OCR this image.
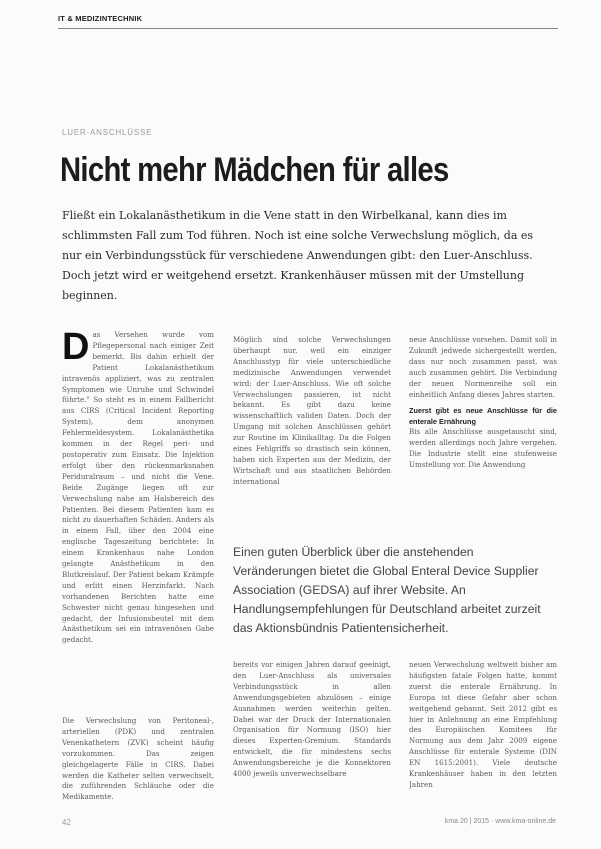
IT & MEDIZINTECHNIK
LUER-ANSCHLÜSSE
Nicht mehr Mädchen für alles
Fließt ein Lokalanästhetikum in die Vene statt in den Wirbelkanal, kann dies im schlimmsten Fall zum Tod führen. Noch ist eine solche Verwechslung möglich, da es nur ein Verbindungsstück für verschiedene Anwendungen gibt: den Luer-Anschluss. Doch jetzt wird er weitgehend ersetzt. Krankenhäuser müssen mit der Umstellung beginnen.
D as Versehen wurde vom Pflegepersonal nach einiger Zeit bemerkt. Bis dahin erhielt der Patient Lokalanästhetikum intravenös appliziert, was zu zentralen Symptomen wie Unruhe und Schwindel führte." So steht es in einem Fallbericht aus CIRS (Critical Incident Reporting System), dem anonymen Fehlermeldesystem. Lokalanästhetika kommen in der Regel peri- und postoperativ zum Einsatz. Die Injektion erfolgt über den rückenmarksnahen Periduralraum – und nicht die Vene. Beide Zugänge liegen oft zur Verwechslung nahe am Halsbereich des Patienten. Bei diesem Patienten kam es nicht zu dauerhaften Schäden. Anders als in einem Fall, über den 2004 eine englische Tageszeitung berichtete: In einem Krankenhaus nahe London gelangte Anästhetikum in den Blutkreislauf. Der Patient bekam Krämpfe und erlitt einen Herzinfarkt. Nach vorhandenen Berichten hatte eine Schwester nicht genau hingesehen und gedacht, der Infusionsbeutel mit dem Anästhetikum sei ein intravenösen Gabe gedacht.
Die Verwechslung von Peritoneal-, arteriellen (PDK) und zentralen Venenkathetern (ZVK) scheint häufig vorzukommen. Das zeigen gleichgelagerte Fälle in CIRS. Dabei werden die Katheter selten verwechselt, die zuführenden Schläuche oder die Medikamente.
Möglich sind solche Verwechslungen überhaupt nur, weil ein einziger Anschlusstyp für viele unterschiedliche medizinische Anwendungen verwendet wird: der Luer-Anschluss. Wie oft solche Verwechslungen passieren, ist nicht bekannt. Es gibt dazu keine wissenschaftlich validen Daten. Doch der Umgang mit solchen Anschlüssen gehört zur Routine im Klinikalltag. Da die Folgen eines Fehlgriffs so drastisch sein können, haben sich Experten aus der Medizin, der Wirtschaft und aus staatlichen Behörden international
bereits vor einigen Jahren darauf geeinigt, den Luer-Anschluss als universales Verbindungsstück in allen Anwendungsgebieten abzulösen – einige Ausnahmen werden weiterhin gelten. Dabei war der Druck der Internationalen Organisation für Normung (ISO) hier dieses Experten-Gremium. Standards entwickelt, die für mindestens sechs Anwendungsbereiche je die Konnektoren 4000 jeweils unverwechselbare

neue Anschlüsse vorsehen. Damit soll in Zukunft jedwede sichergestellt werden, dass nur noch zusammen passt, was auch zusammen gehört. Die Verbindung der neuen Normenreihe soll ein einheitlich Anfang dieses Jahres starten.

Zuerst gibt es neue Anschlüsse für die enterale Ernährung

Bis alle Anschlüsse ausgetauscht sind, werden allerdings noch Jahre vergehen. Die Industrie stellt eine stufenweise Umstellung vor. Die Anwendung

neuen Verwechslung weltweit bisher am häufigsten fatale Folgen hatte, kommt zuerst die enterale Ernährung. In Europa ist diese Gefahr aber schon weitgehend gebannt. Seit 2012 gibt es hier in Anlehnung an eine Empfehlung des Europäischen Komitees für Normung aus dem Jahr 2009 eigene Anschlüsse für enterale Systeme (DIN EN 1615:2001). Viele deutsche Krankenhäuser haben in den letzten Jahren
Einen guten Überblick über die anstehenden Veränderungen bietet die Global Enteral Device Supplier Association (GEDSA) auf ihrer Website. An Handlungsempfehlungen für Deutschland arbeitet zurzeit das Aktionsbündnis Patientensicherheit.
42	kma 20 | 2015 · www.kma-online.de
